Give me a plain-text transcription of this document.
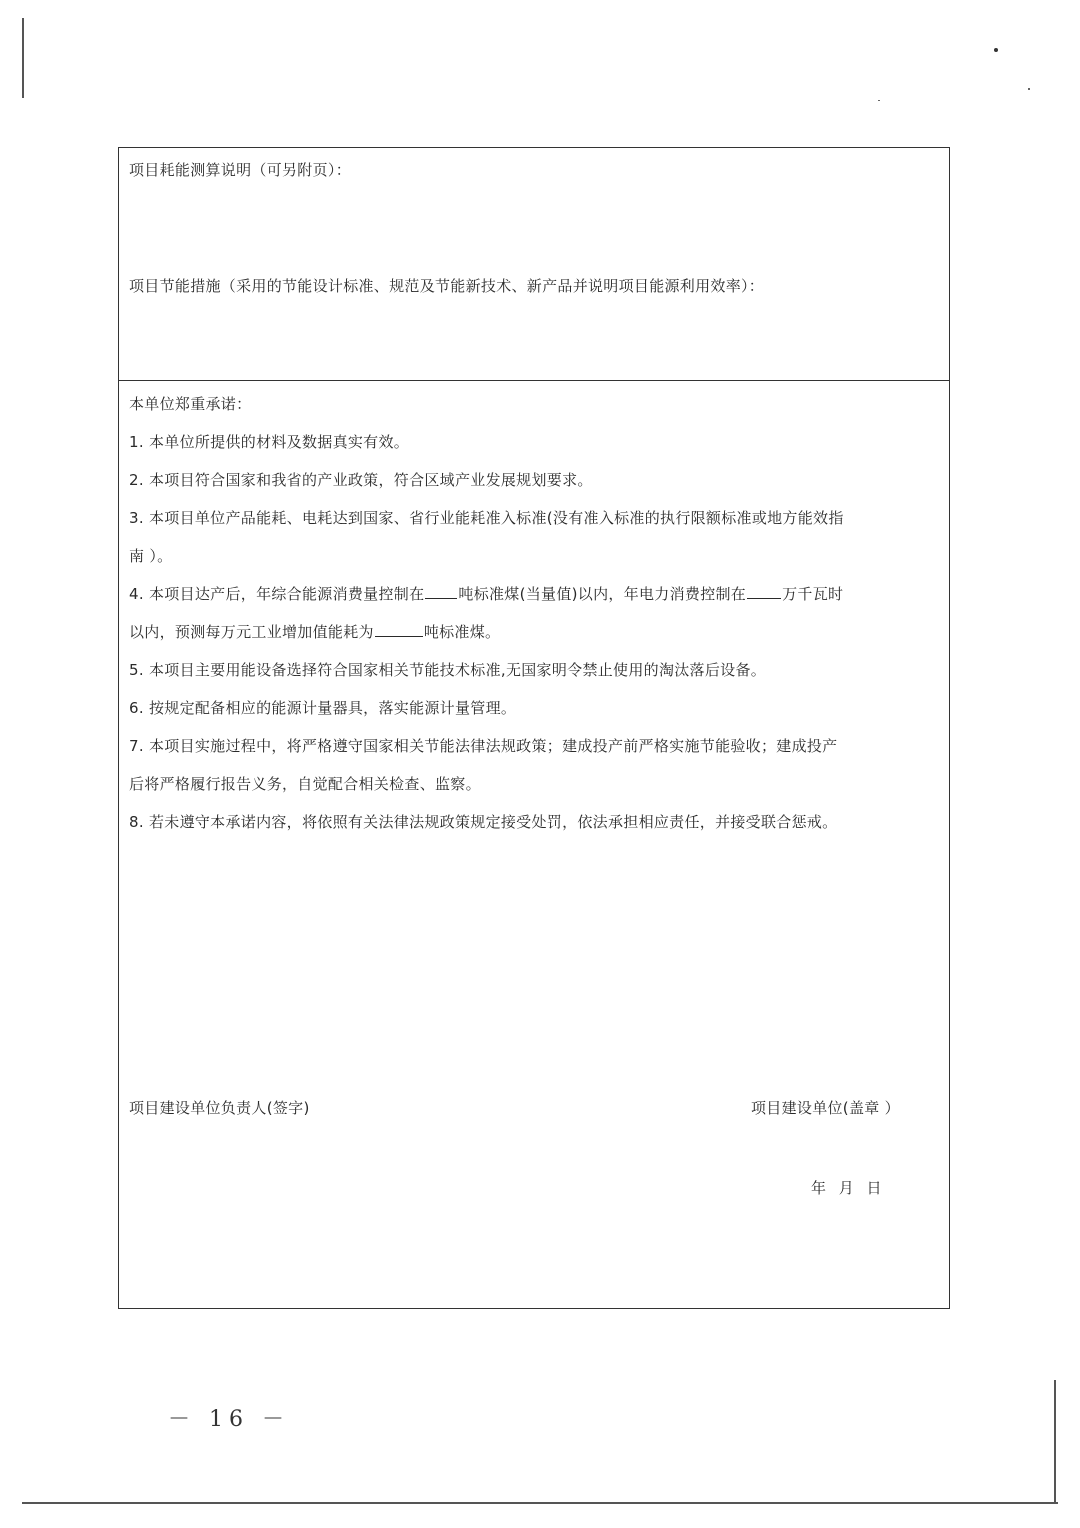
项目耗能测算说明（可另附页）：
项目节能措施（采用的节能设计标准、规范及节能新技术、新产品并说明项目能源利用效率）：
本单位郑重承诺：
1. 本单位所提供的材料及数据真实有效。
2. 本项目符合国家和我省的产业政策，符合区域产业发展规划要求。
3. 本项目单位产品能耗、电耗达到国家、省行业能耗准入标准(没有准入标准的执行限额标准或地方能效指
南 ）。
4. 本项目达产后，年综合能源消费量控制在 吨标准煤(当量值)以内，年电力消费控制在 万千瓦时
以内，预测每万元工业增加值能耗为	吨标准煤。
5. 本项目主要用能设备选择符合国家相关节能技术标准,无国家明令禁止使用的淘汰落后设备。
6. 按规定配备相应的能源计量器具，落实能源计量管理。
7. 本项目实施过程中，将严格遵守国家相关节能法律法规政策；建成投产前严格实施节能验收；建成投产
后将严格履行报告义务，自觉配合相关检查、监察。
8. 若未遵守本承诺内容，将依照有关法律法规政策规定接受处罚，依法承担相应责任，并接受联合惩戒。
项目建设单位负责人(签字)	项目建设单位(盖章 ）
年 月 日
－ 16 －
